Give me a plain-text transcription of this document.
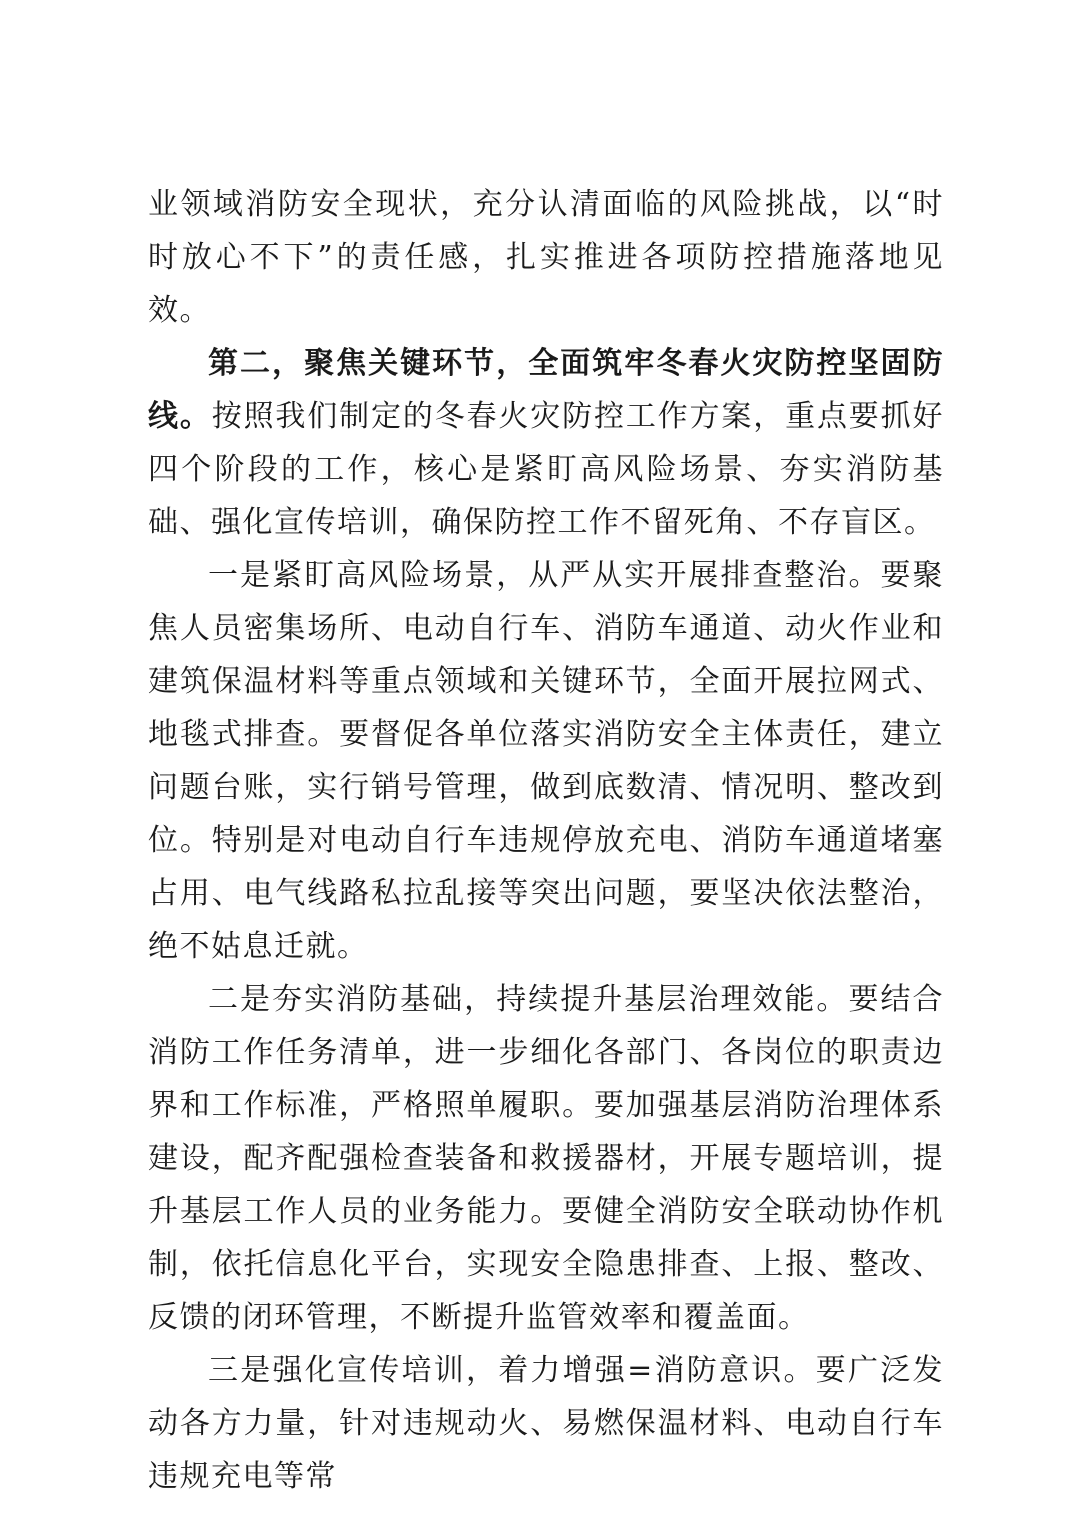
业领域消防安全现状，充分认清面临的风险挑战，以“时时放心不下”的责任感，扎实推进各项防控措施落地见效。

第二，聚焦关键环节，全面筑牢冬春火灾防控坚固防线。按照我们制定的冬春火灾防控工作方案，重点要抓好四个阶段的工作，核心是紧盯高风险场景、夯实消防基础、强化宣传培训，确保防控工作不留死角、不存盲区。

一是紧盯高风险场景，从严从实开展排查整治。要聚焦人员密集场所、电动自行车、消防车通道、动火作业和建筑保温材料等重点领域和关键环节，全面开展拉网式、地毯式排查。要督促各单位落实消防安全主体责任，建立问题台账，实行销号管理，做到底数清、情况明、整改到位。特别是对电动自行车违规停放充电、消防车通道堵塞占用、电气线路私拉乱接等突出问题，要坚决依法整治，绝不姑息迁就。

二是夯实消防基础，持续提升基层治理效能。要结合消防工作任务清单，进一步细化各部门、各岗位的职责边界和工作标准，严格照单履职。要加强基层消防治理体系建设，配齐配强检查装备和救援器材，开展专题培训，提升基层工作人员的业务能力。要健全消防安全联动协作机制，依托信息化平台，实现安全隐患排查、上报、整改、反馈的闭环管理，不断提升监管效率和覆盖面。

三是强化宣传培训，着力增强=消防意识。要广泛发动各方力量，针对违规动火、易燃保温材料、电动自行车违规充电等常
